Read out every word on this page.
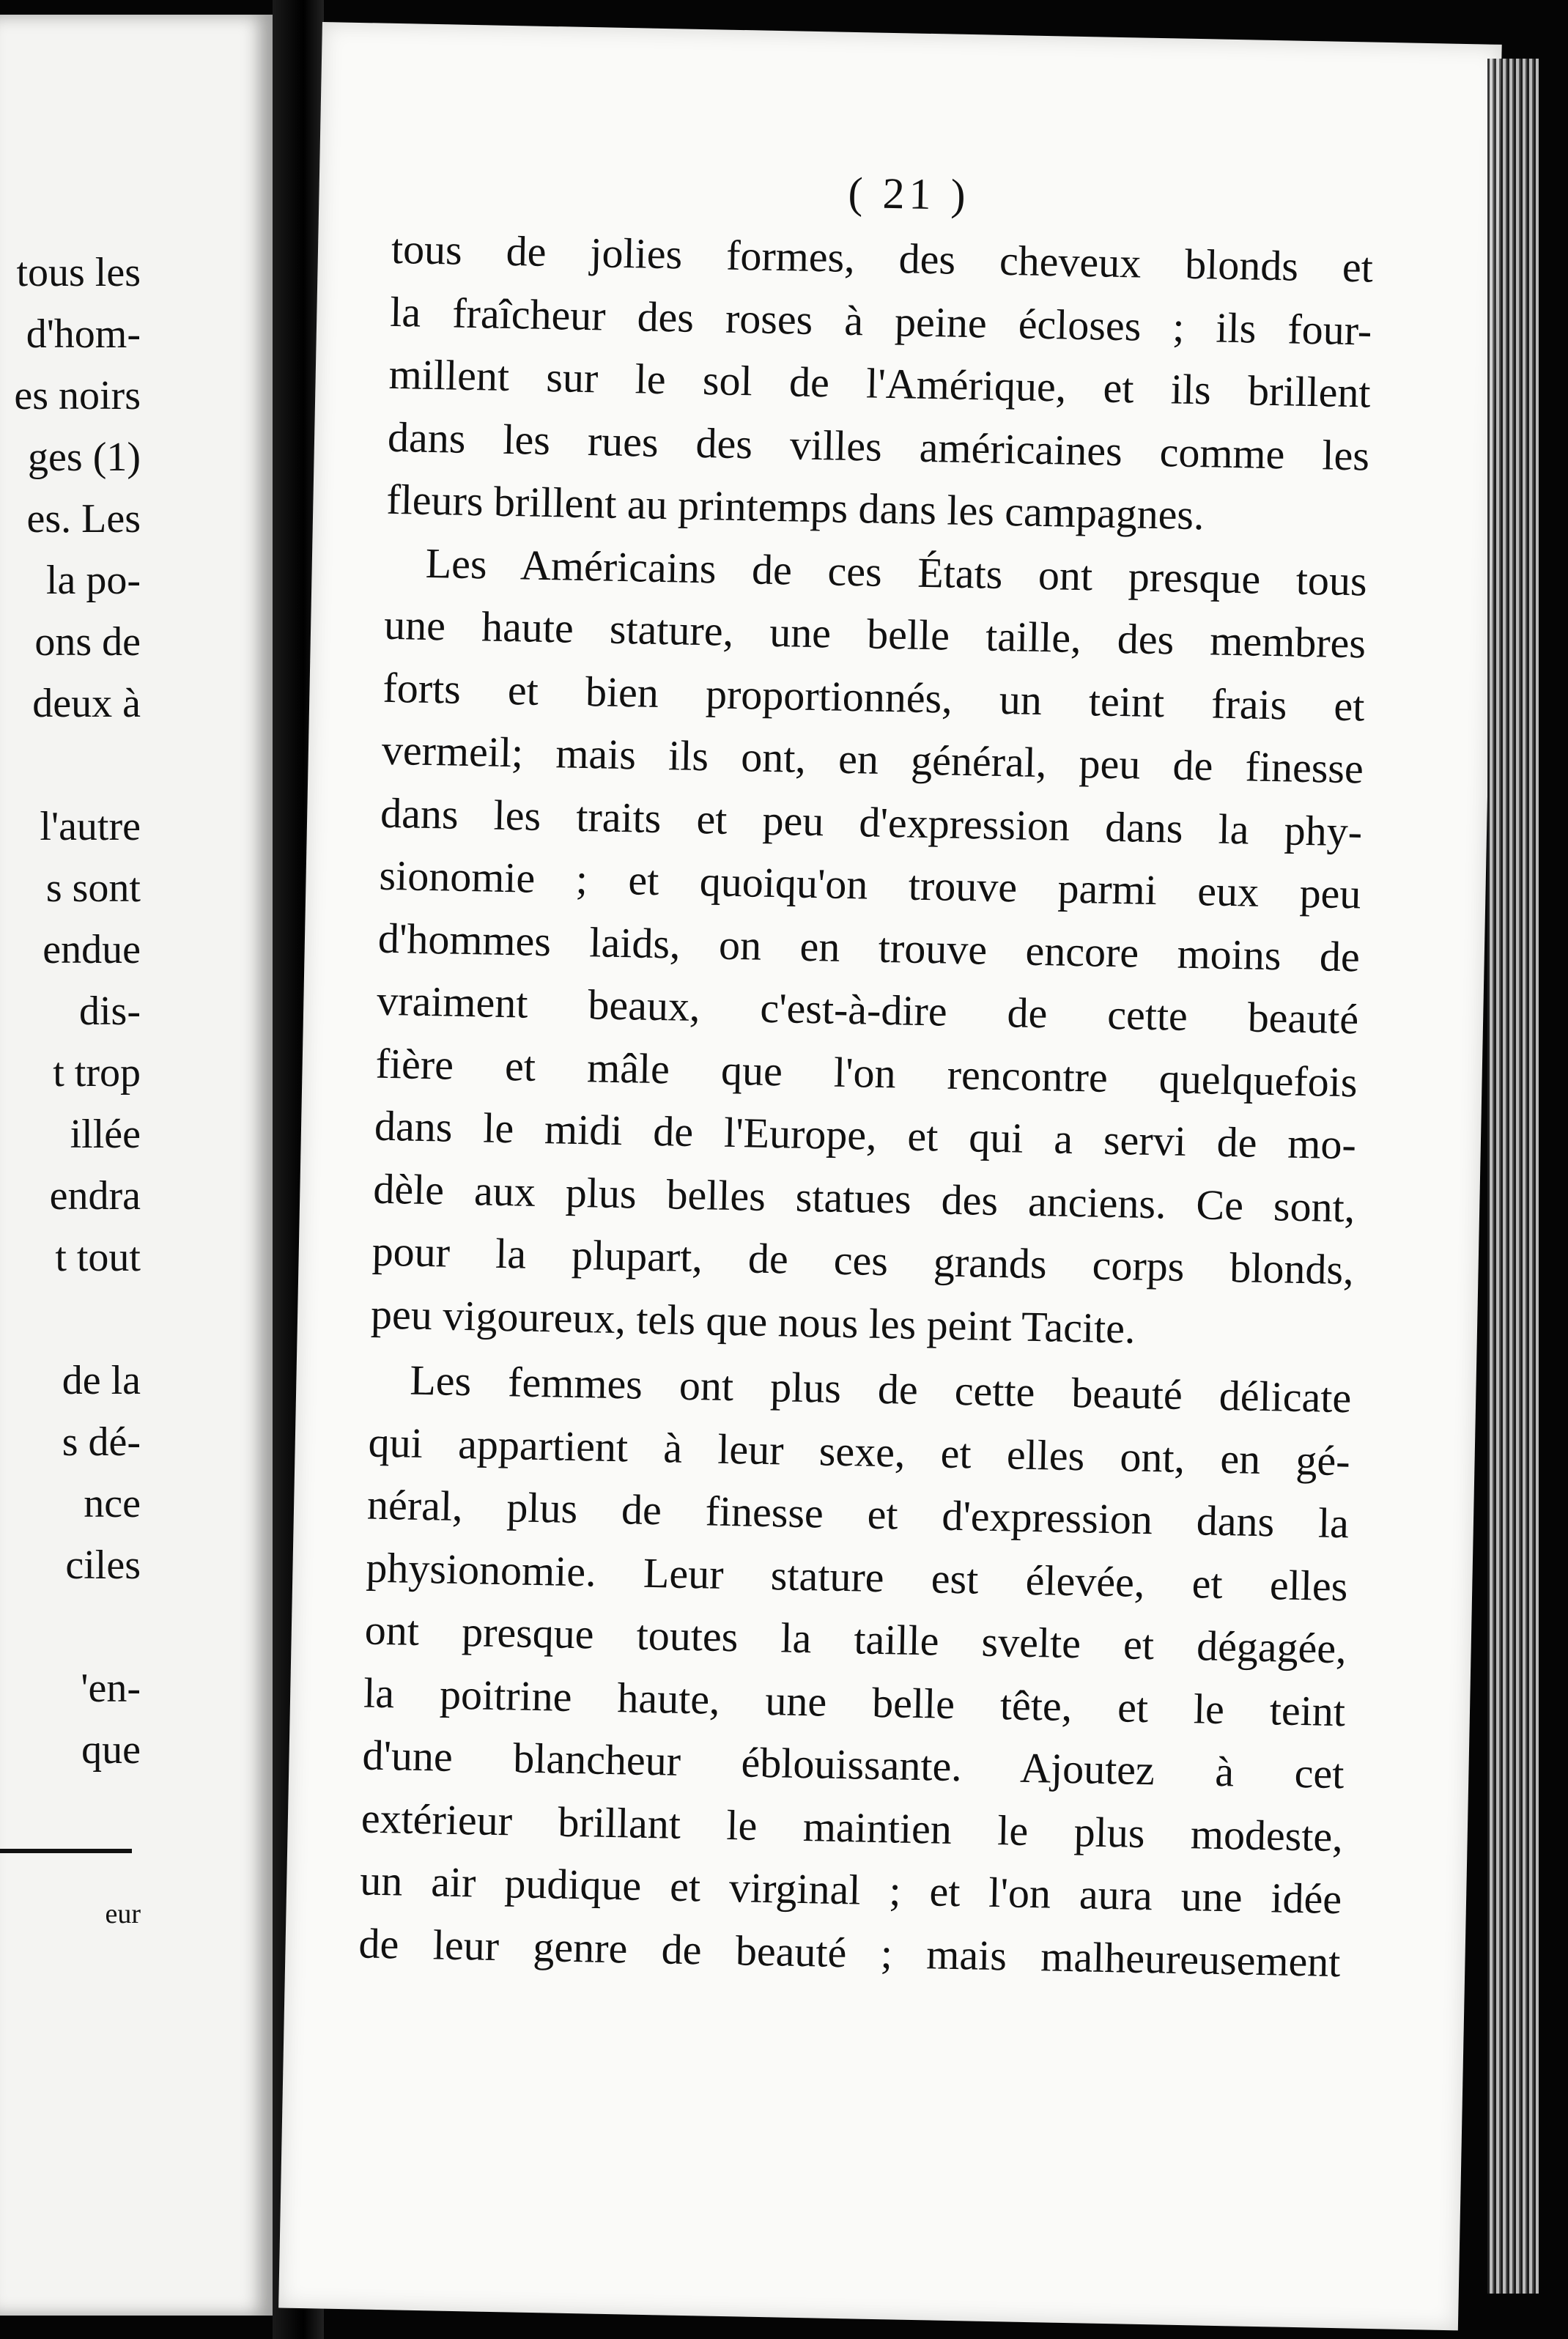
tous les
d'hom-
es noirs
ges (1)
es. Les
la po-
ons de
deux à
l'autre
s sont
endue
dis-
t trop
illée
endra
t tout
de la
s dé-
nce
ciles
'en-
que
eur
( 21 )
tous de jolies formes, des cheveux blonds et
la fraîcheur des roses à peine écloses ; ils four-
millent sur le sol de l'Amérique, et ils brillent
dans les rues des villes américaines comme les
fleurs brillent au printemps dans les campagnes.
Les Américains de ces États ont presque tous
une haute stature, une belle taille, des membres
forts et bien proportionnés, un teint frais et
vermeil; mais ils ont, en général, peu de finesse
dans les traits et peu d'expression dans la phy-
sionomie ; et quoiqu'on trouve parmi eux peu
d'hommes laids, on en trouve encore moins de
vraiment beaux, c'est-à-dire de cette beauté
fière et mâle que l'on rencontre quelquefois
dans le midi de l'Europe, et qui a servi de mo-
dèle aux plus belles statues des anciens. Ce sont,
pour la plupart, de ces grands corps blonds,
peu vigoureux, tels que nous les peint Tacite.
Les femmes ont plus de cette beauté délicate
qui appartient à leur sexe, et elles ont, en gé-
néral, plus de finesse et d'expression dans la
physionomie. Leur stature est élevée, et elles
ont presque toutes la taille svelte et dégagée,
la poitrine haute, une belle tête, et le teint
d'une blancheur éblouissante. Ajoutez à cet
extérieur brillant le maintien le plus modeste,
un air pudique et virginal ; et l'on aura une idée
de leur genre de beauté ; mais malheureusement
